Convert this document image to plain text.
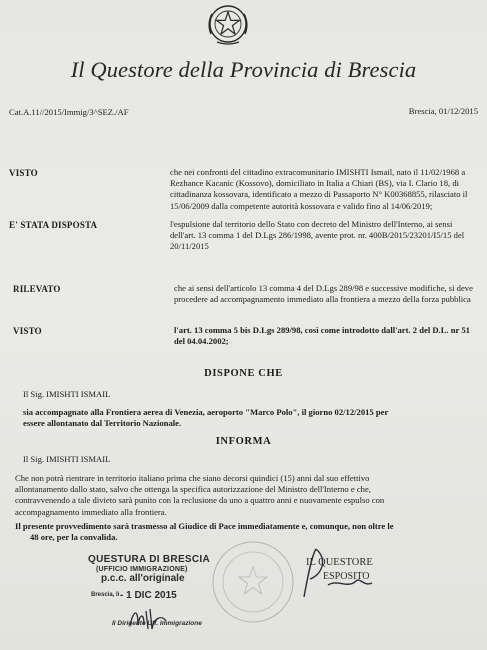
Il Questore della Provincia di Brescia
Cat.A.11//2015/Immig/3^SEZ./AF	Brescia, 01/12/2015
VISTO	che nei confronti del cittadino extracomunitario IMISHTI Ismail, nato il 11/02/1968 a
Rezhance Kacanic (Kossovo), domiciliato in Italia a Chiari (BS), via I. Clario 18, di
cittadinanza kossovara, identificato a mezzo di Passaporto N° K00368855, rilasciato il
15/06/2009 dalla competente autorità kossovara e valido fino al 14/06/2019;
E' STATA DISPOSTA	l'espulsione dal territorio dello Stato con decreto del Ministro dell'Interno, ai sensi
dell'art. 13 comma 1 del D.Lgs 286/1998, avente prot. nr. 400B/2015/23201/I5/15 del
20/11/2015
RILEVATO	che ai sensi dell'articolo 13 comma 4 del D.Lgs 289/98 e successive modifiche, si deve
procedere ad accompagnamento immediato alla frontiera a mezzo della forza pubblica
VISTO	l'art. 13 comma 5 bis D.Lgs 289/98, così come introdotto dall'art. 2 del D.L. nr 51
del 04.04.2002;
DISPONE CHE
Il Sig. IMISHTI ISMAIL
sia accompagnato alla Frontiera aerea di Venezia, aeroporto "Marco Polo", il giorno 02/12/2015 per
essere allontanato dal Territorio Nazionale.
INFORMA
Il Sig. IMISHTI ISMAIL
Che non potrà rientrare in territorio italiano prima che siano decorsi quindici (15) anni dal suo effettivo
allontanamento dallo stato, salvo che ottenga la specifica autorizzazione del Ministro dell'Interno e che,
contravvenendo a tale divieto sarà punito con la reclusione da uno a quattro anni e nuovamente espulso con
accompagnamento immediato alla frontiera.
Il presente provvedimento sarà trasmesso al Giudice di Pace immediatamente e, comunque, non oltre le
48 ore, per la convalida.
QUESTURA DI BRESCIA
(UFFICIO IMMIGRAZIONE)
p.c.c. all'originale
Brescia, lì - 1 DIC 2015
Il Dirigente Uff. Immigrazione
IL QUESTORE
ESPOSITO
